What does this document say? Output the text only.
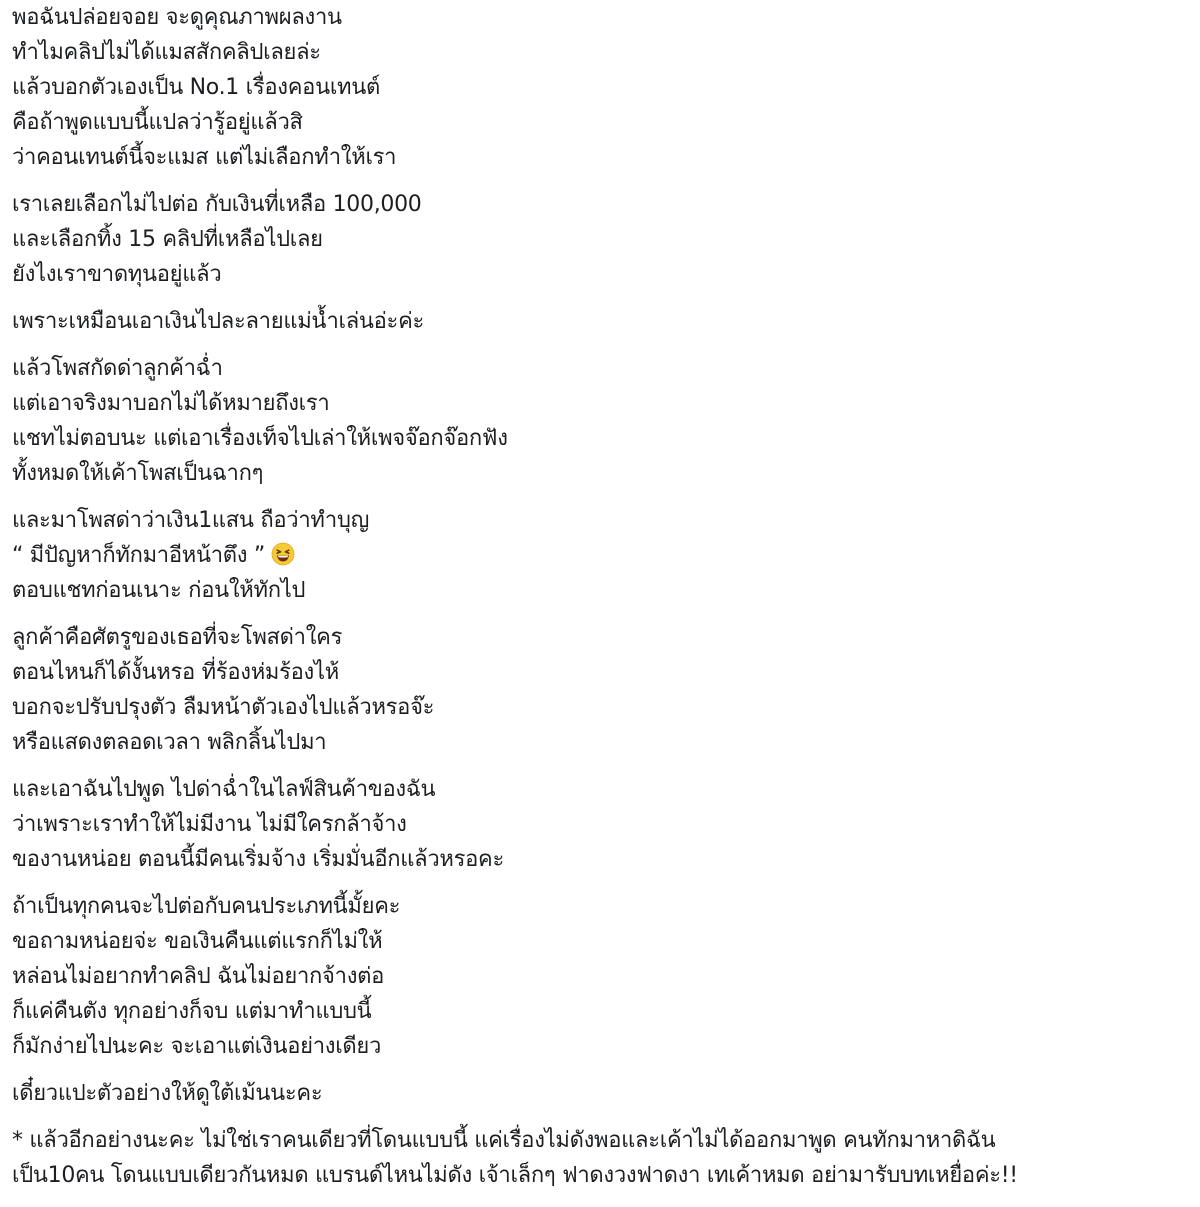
พอฉันปล่อยจอย จะดูคุณภาพผลงาน
ทำไมคลิปไม่ได้แมสสักคลิปเลยล่ะ
แล้วบอกตัวเองเป็น No.1 เรื่องคอนเทนต์
คือถ้าพูดแบบนี้แปลว่ารู้อยู่แล้วสิ
ว่าคอนเทนต์นี้จะแมส แต่ไม่เลือกทำให้เรา

เราเลยเลือกไม่ไปต่อ กับเงินที่เหลือ 100,000
และเลือกทิ้ง 15 คลิปที่เหลือไปเลย
ยังไงเราขาดทุนอยู่แล้ว

เพราะเหมือนเอาเงินไปละลายแม่น้ำเล่นอ่ะค่ะ

แล้วโพสกัดด่าลูกค้าฉ่ำ
แต่เอาจริงมาบอกไม่ได้หมายถึงเรา
แชทไม่ตอบนะ แต่เอาเรื่องเท็จไปเล่าให้เพจจ๊อกจ๊อกฟัง
ทั้งหมดให้เค้าโพสเป็นฉากๆ

และมาโพสด่าว่าเงิน1แสน ถือว่าทำบุญ
“ มีปัญหาก็ทักมาอีหน้าตึง ”
ตอบแชทก่อนเนาะ ก่อนให้ทักไป

ลูกค้าคือศัตรูของเธอที่จะโพสด่าใคร
ตอนไหนก็ได้งั้นหรอ ที่ร้องห่มร้องไห้
บอกจะปรับปรุงตัว ลืมหน้าตัวเองไปแล้วหรอจ๊ะ
หรือแสดงตลอดเวลา พลิกลิ้นไปมา

และเอาฉันไปพูด ไปด่าฉ่ำในไลฟ์สินค้าของฉัน
ว่าเพราะเราทำให้ไม่มีงาน ไม่มีใครกล้าจ้าง
ของานหน่อย ตอนนี้มีคนเริ่มจ้าง เริ่มมั่นอีกแล้วหรอคะ

ถ้าเป็นทุกคนจะไปต่อกับคนประเภทนี้มั้ยคะ
ขอถามหน่อยจ่ะ ขอเงินคืนแต่แรกก็ไม่ให้
หล่อนไม่อยากทำคลิป ฉันไม่อยากจ้างต่อ
ก็แค่คืนตัง ทุกอย่างก็จบ แต่มาทำแบบนี้
ก็มักง่ายไปนะคะ จะเอาแต่เงินอย่างเดียว

เดี๋ยวแปะตัวอย่างให้ดูใต้เม้นนะคะ

* แล้วอีกอย่างนะคะ ไม่ใช่เราคนเดียวที่โดนแบบนี้ แค่เรื่องไม่ดังพอและเค้าไม่ได้ออกมาพูด คนทักมาหาดิฉัน
เป็น10คน โดนแบบเดียวกันหมด แบรนด์ไหนไม่ดัง เจ้าเล็กๆ ฟาดงวงฟาดงา เทเค้าหมด อย่ามารับบทเหยื่อค่ะ!!
